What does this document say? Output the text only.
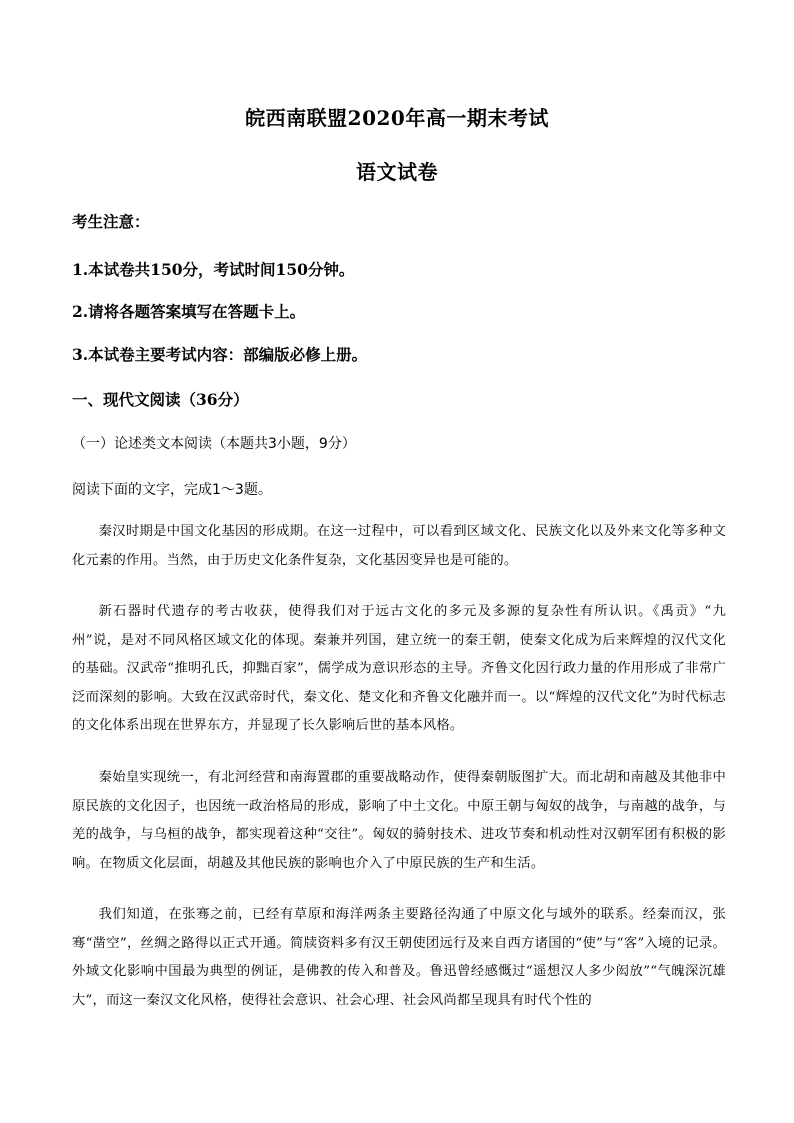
皖西南联盟2020年高一期末考试
语文试卷
考生注意：
1.本试卷共150分，考试时间150分钟。
2.请将各题答案填写在答题卡上。
3.本试卷主要考试内容：部编版必修上册。
一、现代文阅读（36分）
（一）论述类文本阅读（本题共3小题，9分）
阅读下面的文字，完成1～3题。

秦汉时期是中国文化基因的形成期。在这一过程中，可以看到区域文化、民族文化以及外来文化等多种文化元素的作用。当然，由于历史文化条件复杂，文化基因变异也是可能的。

新石器时代遗存的考古收获，使得我们对于远古文化的多元及多源的复杂性有所认识。《禹贡》“九州”说，是对不同风格区域文化的体现。秦兼并列国，建立统一的秦王朝，使秦文化成为后来辉煌的汉代文化的基础。汉武帝“推明孔氏，抑黜百家”，儒学成为意识形态的主导。齐鲁文化因行政力量的作用形成了非常广泛而深刻的影响。大致在汉武帝时代，秦文化、楚文化和齐鲁文化融并而一。以“辉煌的汉代文化”为时代标志的文化体系出现在世界东方，并显现了长久影响后世的基本风格。

秦始皇实现统一，有北河经营和南海置郡的重要战略动作，使得秦朝版图扩大。而北胡和南越及其他非中原民族的文化因子，也因统一政治格局的形成，影响了中土文化。中原王朝与匈奴的战争，与南越的战争，与羌的战争，与乌桓的战争，都实现着这种“交往”。匈奴的骑射技术、进攻节奏和机动性对汉朝军团有积极的影响。在物质文化层面，胡越及其他民族的影响也介入了中原民族的生产和生活。

我们知道，在张骞之前，已经有草原和海洋两条主要路径沟通了中原文化与域外的联系。经秦而汉，张骞“凿空”，丝绸之路得以正式开通。简牍资料多有汉王朝使团远行及来自西方诸国的“使”与“客”入境的记录。外域文化影响中国最为典型的例证，是佛教的传入和普及。鲁迅曾经感慨过“遥想汉人多少闳放”“气魄深沉雄大”，而这一秦汉文化风格，使得社会意识、社会心理、社会风尚都呈现具有时代个性的
